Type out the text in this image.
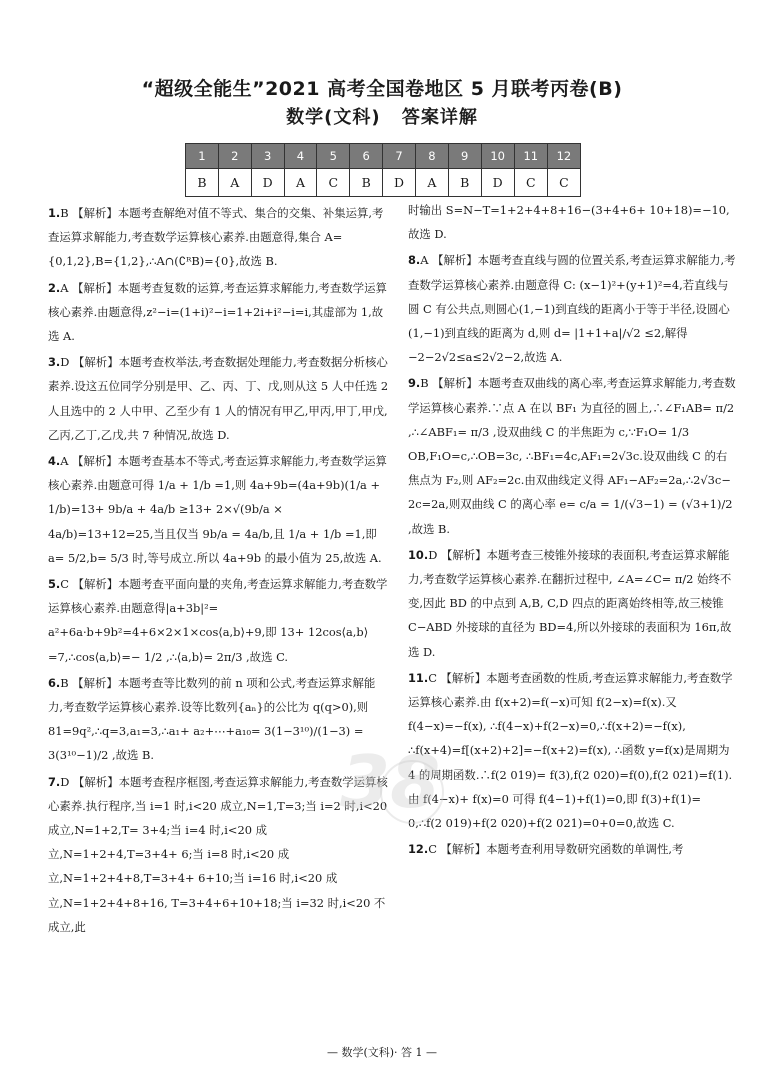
“超级全能生”2021 高考全国卷地区 5 月联考丙卷(B)
数学(文科) 答案详解
1	2	3	4	5	6	7	8	9	10	11	12
B	A	D	A	C	B	D	A	B	D	C	C

1.B 【解析】本题考查解绝对值不等式、集合的交集、补集运算,考查运算求解能力,考查数学运算核心素养.由题意得,集合 A={0,1,2},B={1,2},∴A∩(∁ᴿB)={0},故选 B.

2.A 【解析】本题考查复数的运算,考查运算求解能力,考查数学运算核心素养.由题意得,z²−i=(1+i)²−i=1+2i+i²−i=i,其虚部为 1,故选 A.

3.D 【解析】本题考查枚举法,考查数据处理能力,考查数据分析核心素养.设这五位同学分别是甲、乙、丙、丁、戊,则从这 5 人中任选 2 人且选中的 2 人中甲、乙至少有 1 人的情况有甲乙,甲丙,甲丁,甲戊,乙丙,乙丁,乙戊,共 7 种情况,故选 D.

4.A 【解析】本题考查基本不等式,考查运算求解能力,考查数学运算核心素养.由题意可得 1/a + 1/b =1,则 4a+9b=(4a+9b)(1/a + 1/b)=13+ 9b/a + 4a/b ≥13+ 2×√(9b/a × 4a/b)=13+12=25,当且仅当 9b/a = 4a/b,且 1/a + 1/b =1,即 a= 5/2,b= 5/3 时,等号成立.所以 4a+9b 的最小值为 25,故选 A.

5.C 【解析】本题考查平面向量的夹角,考查运算求解能力,考查数学运算核心素养.由题意得|a+3b|²= a²+6a·b+9b²=4+6×2×1×cos⟨a,b⟩+9,即 13+ 12cos⟨a,b⟩=7,∴cos⟨a,b⟩=− 1/2 ,∴⟨a,b⟩= 2π/3 ,故选 C.

6.B 【解析】本题考查等比数列的前 n 项和公式,考查运算求解能力,考查数学运算核心素养.设等比数列{aₙ}的公比为 q(q>0),则 81=9q²,∴q=3,a₁=3,∴a₁+ a₂+⋯+a₁₀= 3(1−3¹⁰)/(1−3) = 3(3¹⁰−1)/2 ,故选 B.

7.D 【解析】本题考查程序框图,考查运算求解能力,考查数学运算核心素养.执行程序,当 i=1 时,i<20 成立,N=1,T=3;当 i=2 时,i<20 成立,N=1+2,T= 3+4;当 i=4 时,i<20 成立,N=1+2+4,T=3+4+ 6;当 i=8 时,i<20 成立,N=1+2+4+8,T=3+4+ 6+10;当 i=16 时,i<20 成立,N=1+2+4+8+16, T=3+4+6+10+18;当 i=32 时,i<20 不成立,此

时输出 S=N−T=1+2+4+8+16−(3+4+6+ 10+18)=−10,故选 D.

8.A 【解析】本题考查直线与圆的位置关系,考查运算求解能力,考查数学运算核心素养.由题意得 C: (x−1)²+(y+1)²=4,若直线与圆 C 有公共点,则圆心(1,−1)到直线的距离小于等于半径,设圆心(1,−1)到直线的距离为 d,则 d= |1+1+a|/√2 ≤2,解得 −2−2√2≤a≤2√2−2,故选 A.

9.B 【解析】本题考查双曲线的离心率,考查运算求解能力,考查数学运算核心素养.∵点 A 在以 BF₁ 为直径的圆上,∴∠F₁AB= π/2 ,∴∠ABF₁= π/3 ,设双曲线 C 的半焦距为 c,∵F₁O= 1/3 OB,F₁O=c,∴OB=3c, ∴BF₁=4c,AF₁=2√3c.设双曲线 C 的右焦点为 F₂,则 AF₂=2c.由双曲线定义得 AF₁−AF₂=2a,∴2√3c− 2c=2a,则双曲线 C 的离心率 e= c/a = 1/(√3−1) = (√3+1)/2 ,故选 B.

10.D 【解析】本题考查三棱锥外接球的表面积,考查运算求解能力,考查数学运算核心素养.在翻折过程中, ∠A=∠C= π/2 始终不变,因此 BD 的中点到 A,B, C,D 四点的距离始终相等,故三棱锥 C−ABD 外接球的直径为 BD=4,所以外接球的表面积为 16π,故选 D.

11.C 【解析】本题考查函数的性质,考查运算求解能力,考查数学运算核心素养.由 f(x+2)=f(−x)可知 f(2−x)=f(x).又 f(4−x)=−f(x), ∴f(4−x)+f(2−x)=0,∴f(x+2)=−f(x), ∴f(x+4)=f[(x+2)+2]=−f(x+2)=f(x), ∴函数 y=f(x)是周期为 4 的周期函数.∴f(2 019)= f(3),f(2 020)=f(0),f(2 021)=f(1).由 f(4−x)+ f(x)=0 可得 f(4−1)+f(1)=0,即 f(3)+f(1)= 0,∴f(2 019)+f(2 020)+f(2 021)=0+0=0,故选 C.

12.C 【解析】本题考查利用导数研究函数的单调性,考

38
— 数学(文科)· 答 1 —
